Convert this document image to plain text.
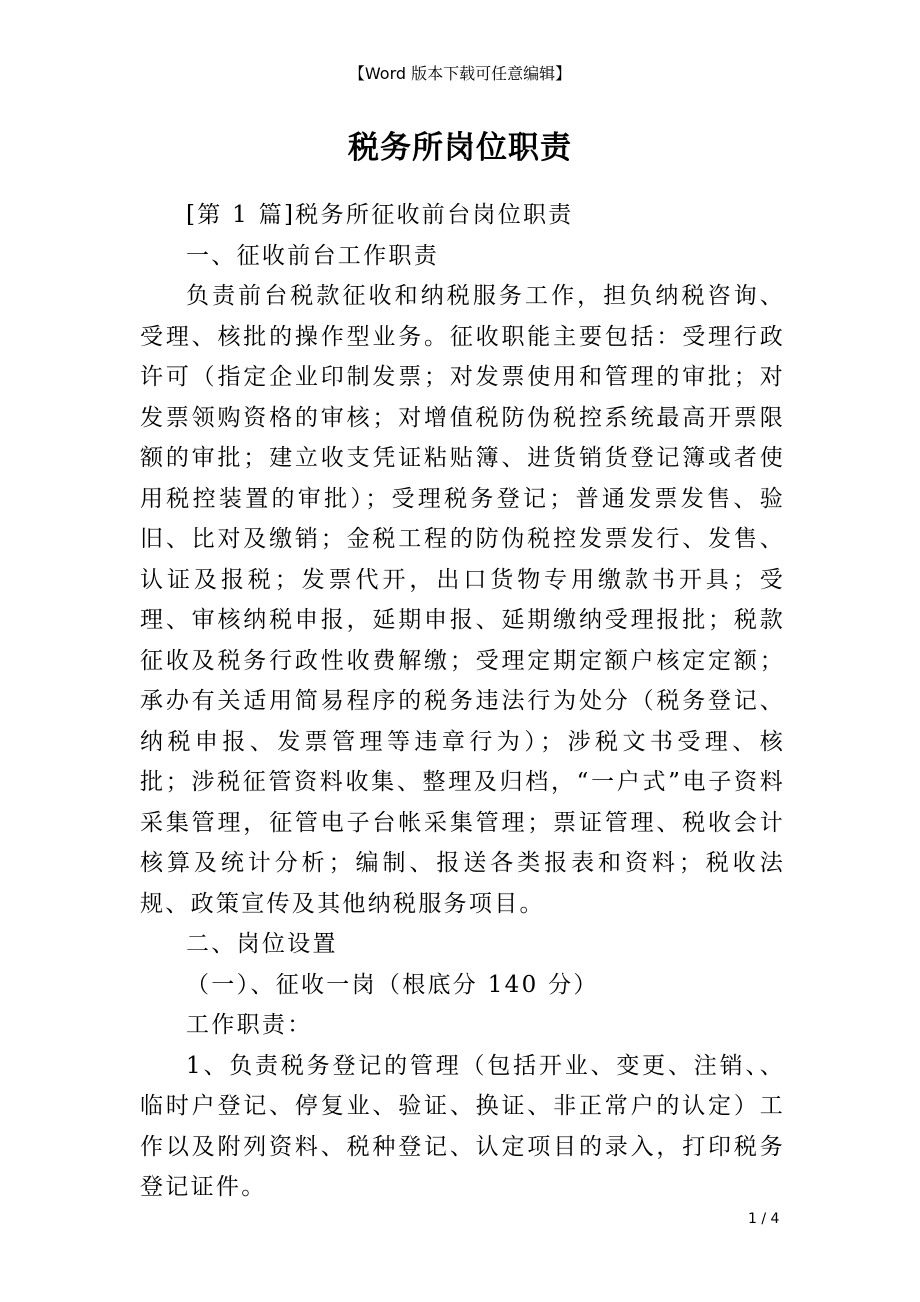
【Word 版本下载可任意编辑】
税务所岗位职责

[第 1 篇]税务所征收前台岗位职责

一、征收前台工作职责

负责前台税款征收和纳税服务工作，担负纳税咨询、受理、核批的操作型业务。征收职能主要包括：受理行政许可（指定企业印制发票；对发票使用和管理的审批；对发票领购资格的审核；对增值税防伪税控系统最高开票限额的审批；建立收支凭证粘贴簿、进货销货登记簿或者使用税控装置的审批）；受理税务登记；普通发票发售、验旧、比对及缴销；金税工程的防伪税控发票发行、发售、认证及报税；发票代开，出口货物专用缴款书开具；受理、审核纳税申报，延期申报、延期缴纳受理报批；税款征收及税务行政性收费解缴；受理定期定额户核定定额；承办有关适用简易程序的税务违法行为处分（税务登记、纳税申报、发票管理等违章行为）；涉税文书受理、核批；涉税征管资料收集、整理及归档，“一户式”电子资料采集管理，征管电子台帐采集管理；票证管理、税收会计核算及统计分析；编制、报送各类报表和资料；税收法规、政策宣传及其他纳税服务项目。

二、岗位设置

（一）、征收一岗（根底分 140 分）

工作职责：

1、负责税务登记的管理（包括开业、变更、注销、、临时户登记、停复业、验证、换证、非正常户的认定）工作以及附列资料、税种登记、认定项目的录入，打印税务登记证件。

1 / 4
